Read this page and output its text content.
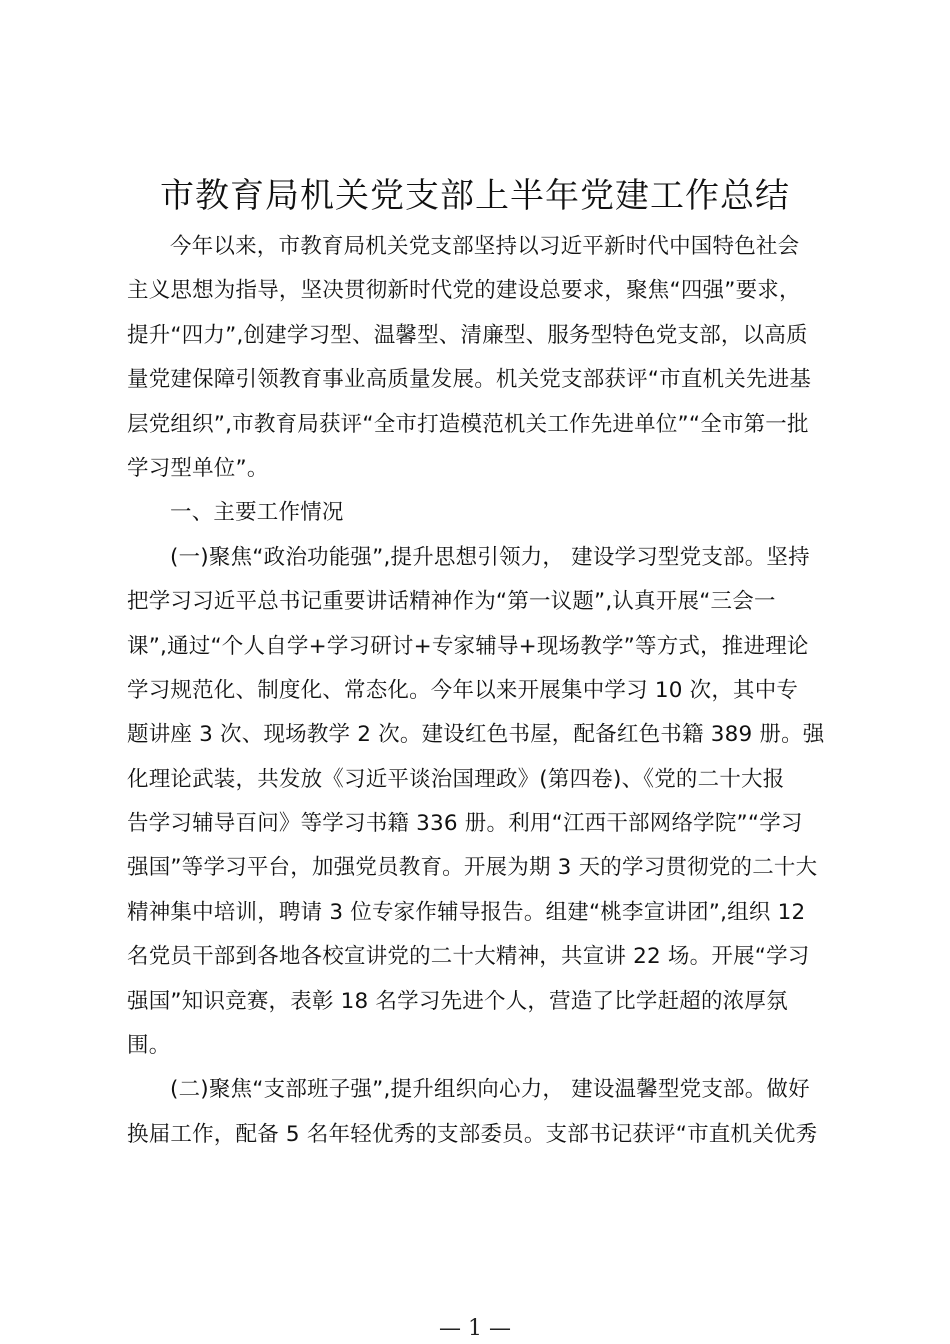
市教育局机关党支部上半年党建工作总结
今年以来，市教育局机关党支部坚持以习近平新时代中国特色社会
主义思想为指导，坚决贯彻新时代党的建设总要求，聚焦“四强”要求，
提升“四力”,创建学习型、温馨型、清廉型、服务型特色党支部，以高质
量党建保障引领教育事业高质量发展。机关党支部获评“市直机关先进基
层党组织”,市教育局获评“全市打造模范机关工作先进单位”“全市第一批
学习型单位”。
一、主要工作情况
(一)聚焦“政治功能强”,提升思想引领力， 建设学习型党支部。坚持
把学习习近平总书记重要讲话精神作为“第一议题”,认真开展“三会一
课”,通过“个人自学+学习研讨+专家辅导+现场教学”等方式，推进理论
学习规范化、制度化、常态化。今年以来开展集中学习 10 次，其中专
题讲座 3 次、现场教学 2 次。建设红色书屋，配备红色书籍 389 册。强
化理论武装，共发放《习近平谈治国理政》(第四卷)、《党的二十大报
告学习辅导百问》等学习书籍 336 册。利用“江西干部网络学院”“学习
强国”等学习平台，加强党员教育。开展为期 3 天的学习贯彻党的二十大
精神集中培训，聘请 3 位专家作辅导报告。组建“桃李宣讲团”,组织 12
名党员干部到各地各校宣讲党的二十大精神，共宣讲 22 场。开展“学习
强国”知识竞赛，表彰 18 名学习先进个人，营造了比学赶超的浓厚氛
围。
(二)聚焦“支部班子强”,提升组织向心力， 建设温馨型党支部。做好
换届工作，配备 5 名年轻优秀的支部委员。支部书记获评“市直机关优秀
— 1 —
